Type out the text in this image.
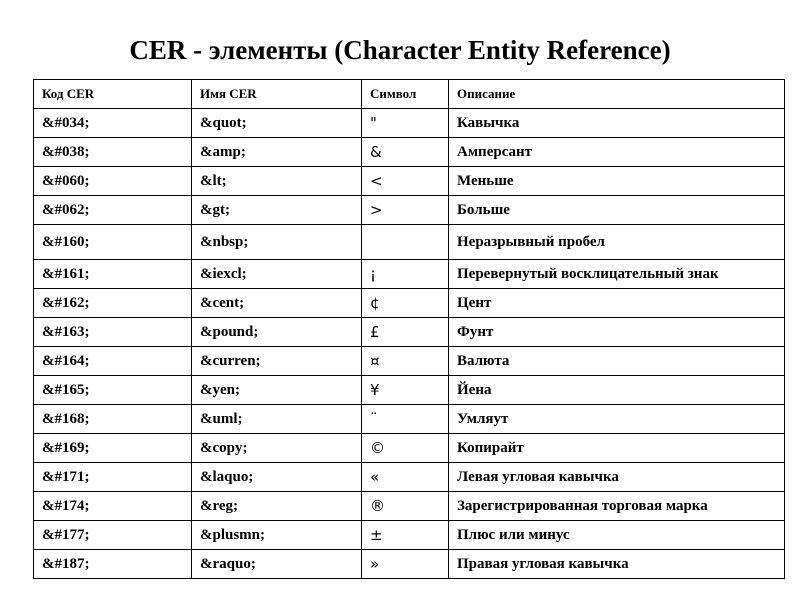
CER - элементы (Character Entity Reference)
Код CER	Имя CER	Символ	Описание
&#034;	&quot;	"	Кавычка
&#038;	&amp;	&	Амперсант
&#060;	&lt;	<	Меньше
&#062;	&gt;	>	Больше
&#160;	&nbsp;		Неразрывный пробел
&#161;	&iexcl;	¡	Перевернутый восклицательный знак
&#162;	&cent;	¢	Цент
&#163;	&pound;	£	Фунт
&#164;	&curren;	¤	Валюта
&#165;	&yen;	¥	Йена
&#168;	&uml;	¨	Умляут
&#169;	&copy;	©	Копирайт
&#171;	&laquo;	«	Левая угловая кавычка
&#174;	&reg;	®	Зарегистрированная торговая марка
&#177;	&plusmn;	±	Плюс или минус
&#187;	&raquo;	»	Правая угловая кавычка
